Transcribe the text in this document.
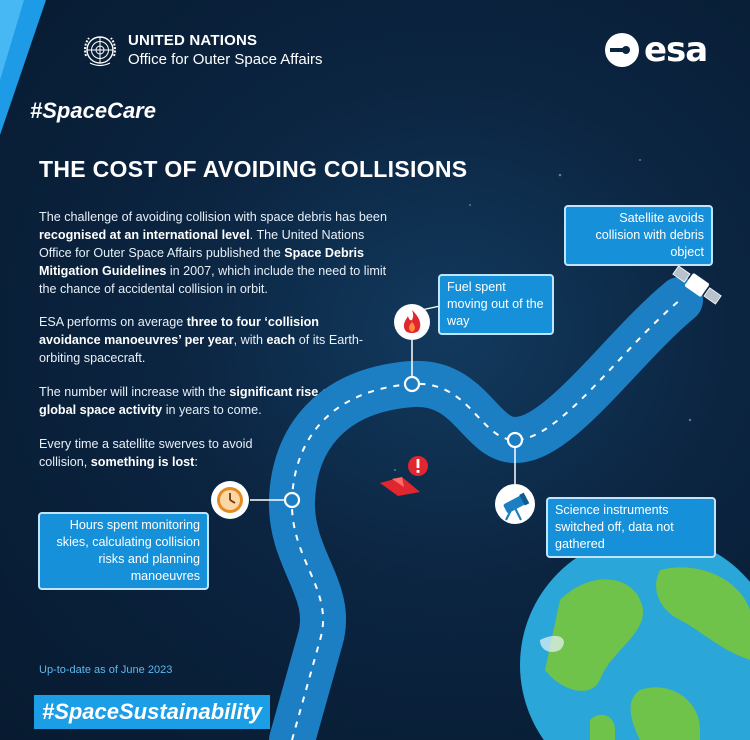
UNITED NATIONS
Office for Outer Space Affairs	esa
#SpaceCare
THE COST OF AVOIDING COLLISIONS
The challenge of avoiding collision with space debris has been recognised at an international level. The United Nations Office for Outer Space Affairs published the Space Debris Mitigation Guidelines in 2007, which include the need to limit the chance of accidental collision in orbit.
ESA performs on average three to four ‘collision avoidance manoeuvres’ per year, with each of its Earth-orbiting spacecraft.
The number will increase with the significant rise of global space activity in years to come.
Every time a satellite swerves to avoid collision, something is lost:
Satellite avoids collision with debris object
Fuel spent moving out of the way
Hours spent monitoring skies, calculating collision risks and planning manoeuvres
Science instruments switched off, data not gathered
Up-to-date as of June 2023
#SpaceSustainability
